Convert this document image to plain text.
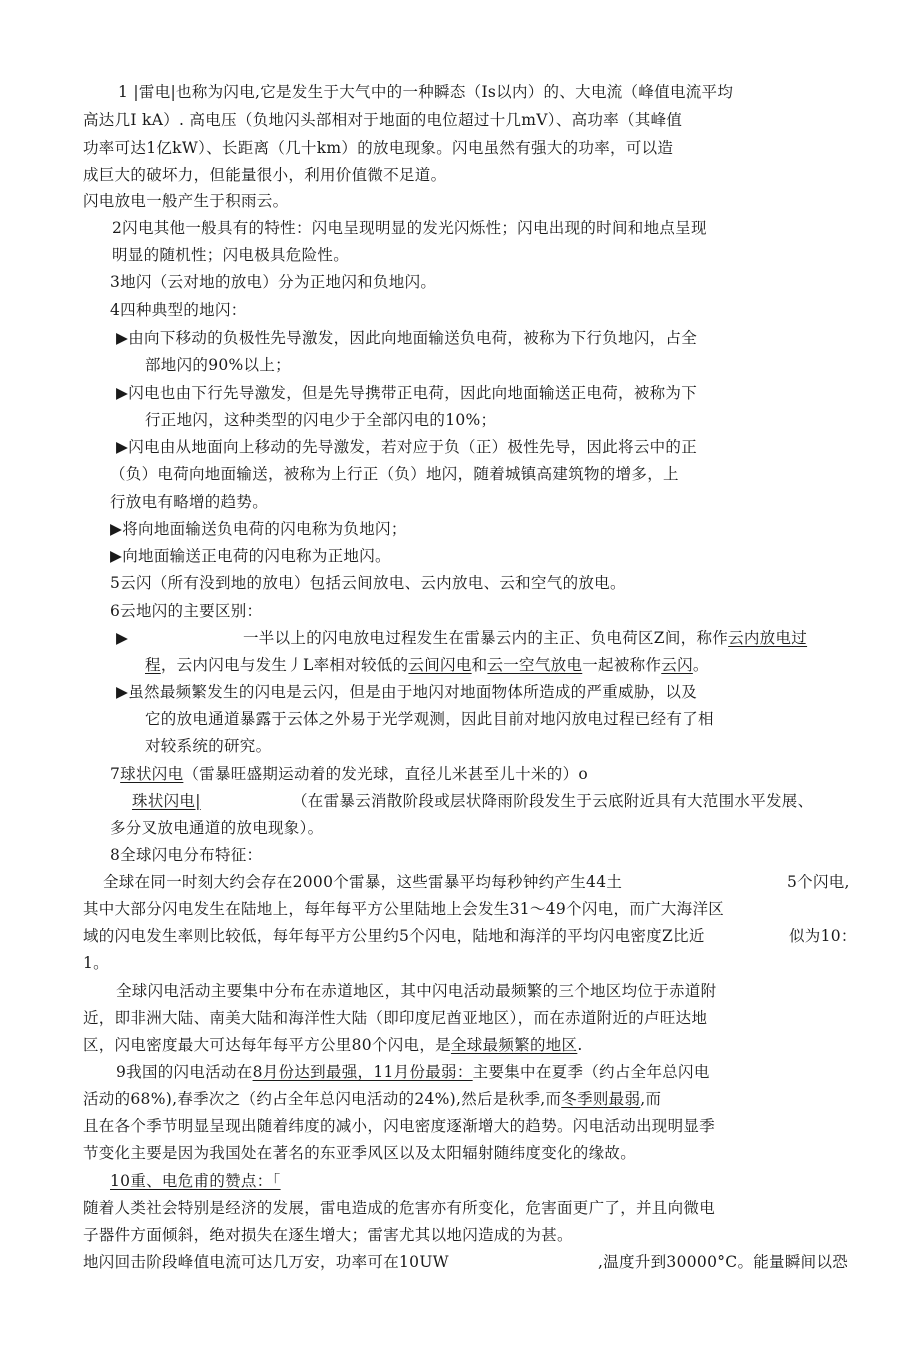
1 |雷电|也称为闪电,它是发生于大气中的一种瞬态（Is以内）的、大电流（峰值电流平均
高达几I kA）. 高电压（负地闪头部相对于地面的电位超过十几mV）、高功率（其峰值
功率可达1亿kW）、长距离（几十km）的放电现象。闪电虽然有强大的功率，可以造
成巨大的破坏力，但能量很小，利用价值微不足道。
闪电放电一般产生于积雨云。
2闪电其他一般具有的特性：闪电呈现明显的发光闪烁性；闪电出现的时间和地点呈现
明显的随机性；闪电极具危险性。
3地闪（云对地的放电）分为正地闪和负地闪。
4四种典型的地闪：
▶由向下移动的负极性先导激发，因此向地面输送负电荷，被称为下行负地闪，占全
部地闪的90%以上；
▶闪电也由下行先导激发，但是先导携带正电荷，因此向地面输送正电荷，被称为下
行正地闪，这种类型的闪电少于全部闪电的10%；
▶闪电由从地面向上移动的先导激发，若对应于负（正）极性先导，因此将云中的正
（负）电荷向地面输送，被称为上行正（负）地闪，随着城镇高建筑物的增多，上
行放电有略增的趋势。
▶将向地面输送负电荷的闪电称为负地闪；
▶向地面输送正电荷的闪电称为正地闪。
5云闪（所有没到地的放电）包括云间放电、云内放电、云和空气的放电。
6云地闪的主要区别：
▶	一半以上的闪电放电过程发生在雷暴云内的主正、负电荷区Z间，称作云内放电过
程，云内闪电与发生丿L率相对较低的云间闪电和云一空气放电一起被称作云闪。
▶虽然最频繁发生的闪电是云闪，但是由于地闪对地面物体所造成的严重威胁，以及
它的放电通道暴露于云体之外易于光学观测，因此目前对地闪放电过程已经有了相
对较系统的研究。
7球状闪电（雷暴旺盛期运动着的发光球，直径儿米甚至儿十米的）o
珠状闪电|	（在雷暴云消散阶段或层状降雨阶段发生于云底附近具有大范围水平发展、
多分叉放电通道的放电现象）。
8全球闪电分布特征：
全球在同一时刻大约会存在2000个雷暴，这些雷暴平均每秒钟约产生44土	5个闪电,
其中大部分闪电发生在陆地上，每年每平方公里陆地上会发生31〜49个闪电，而广大海洋区
域的闪电发生率则比较低，每年每平方公里约5个闪电，陆地和海洋的平均闪电密度Z比近	似为10：
1。
全球闪电活动主要集中分布在赤道地区，其中闪电活动最频繁的三个地区均位于赤道附
近，即非洲大陆、南美大陆和海洋性大陆（即印度尼酋亚地区），而在赤道附近的卢旺达地
区，闪电密度最大可达每年每平方公里80个闪电，是全球最频繁的地区.
9我国的闪电活动在8月份达到最强，11月份最弱：主要集中在夏季（约占全年总闪电
活动的68%),春季次之（约占全年总闪电活动的24%),然后是秋季,而冬季则最弱,而
且在各个季节明显呈现出随着纬度的减小，闪电密度逐渐增大的趋势。闪电活动出现明显季
节变化主要是因为我国处在著名的东亚季风区以及太阳辐射随纬度变化的缘故。
10重、电危甫的赞点：「
随着人类社会特别是经济的发展，雷电造成的危害亦有所变化，危害面更广了，并且向微电
子器件方面倾斜，绝对损失在逐生增大；雷害尤其以地闪造成的为甚。
地闪回击阶段峰值电流可达几万安，功率可在10UW	,温度升到30000°C。能量瞬间以恐
